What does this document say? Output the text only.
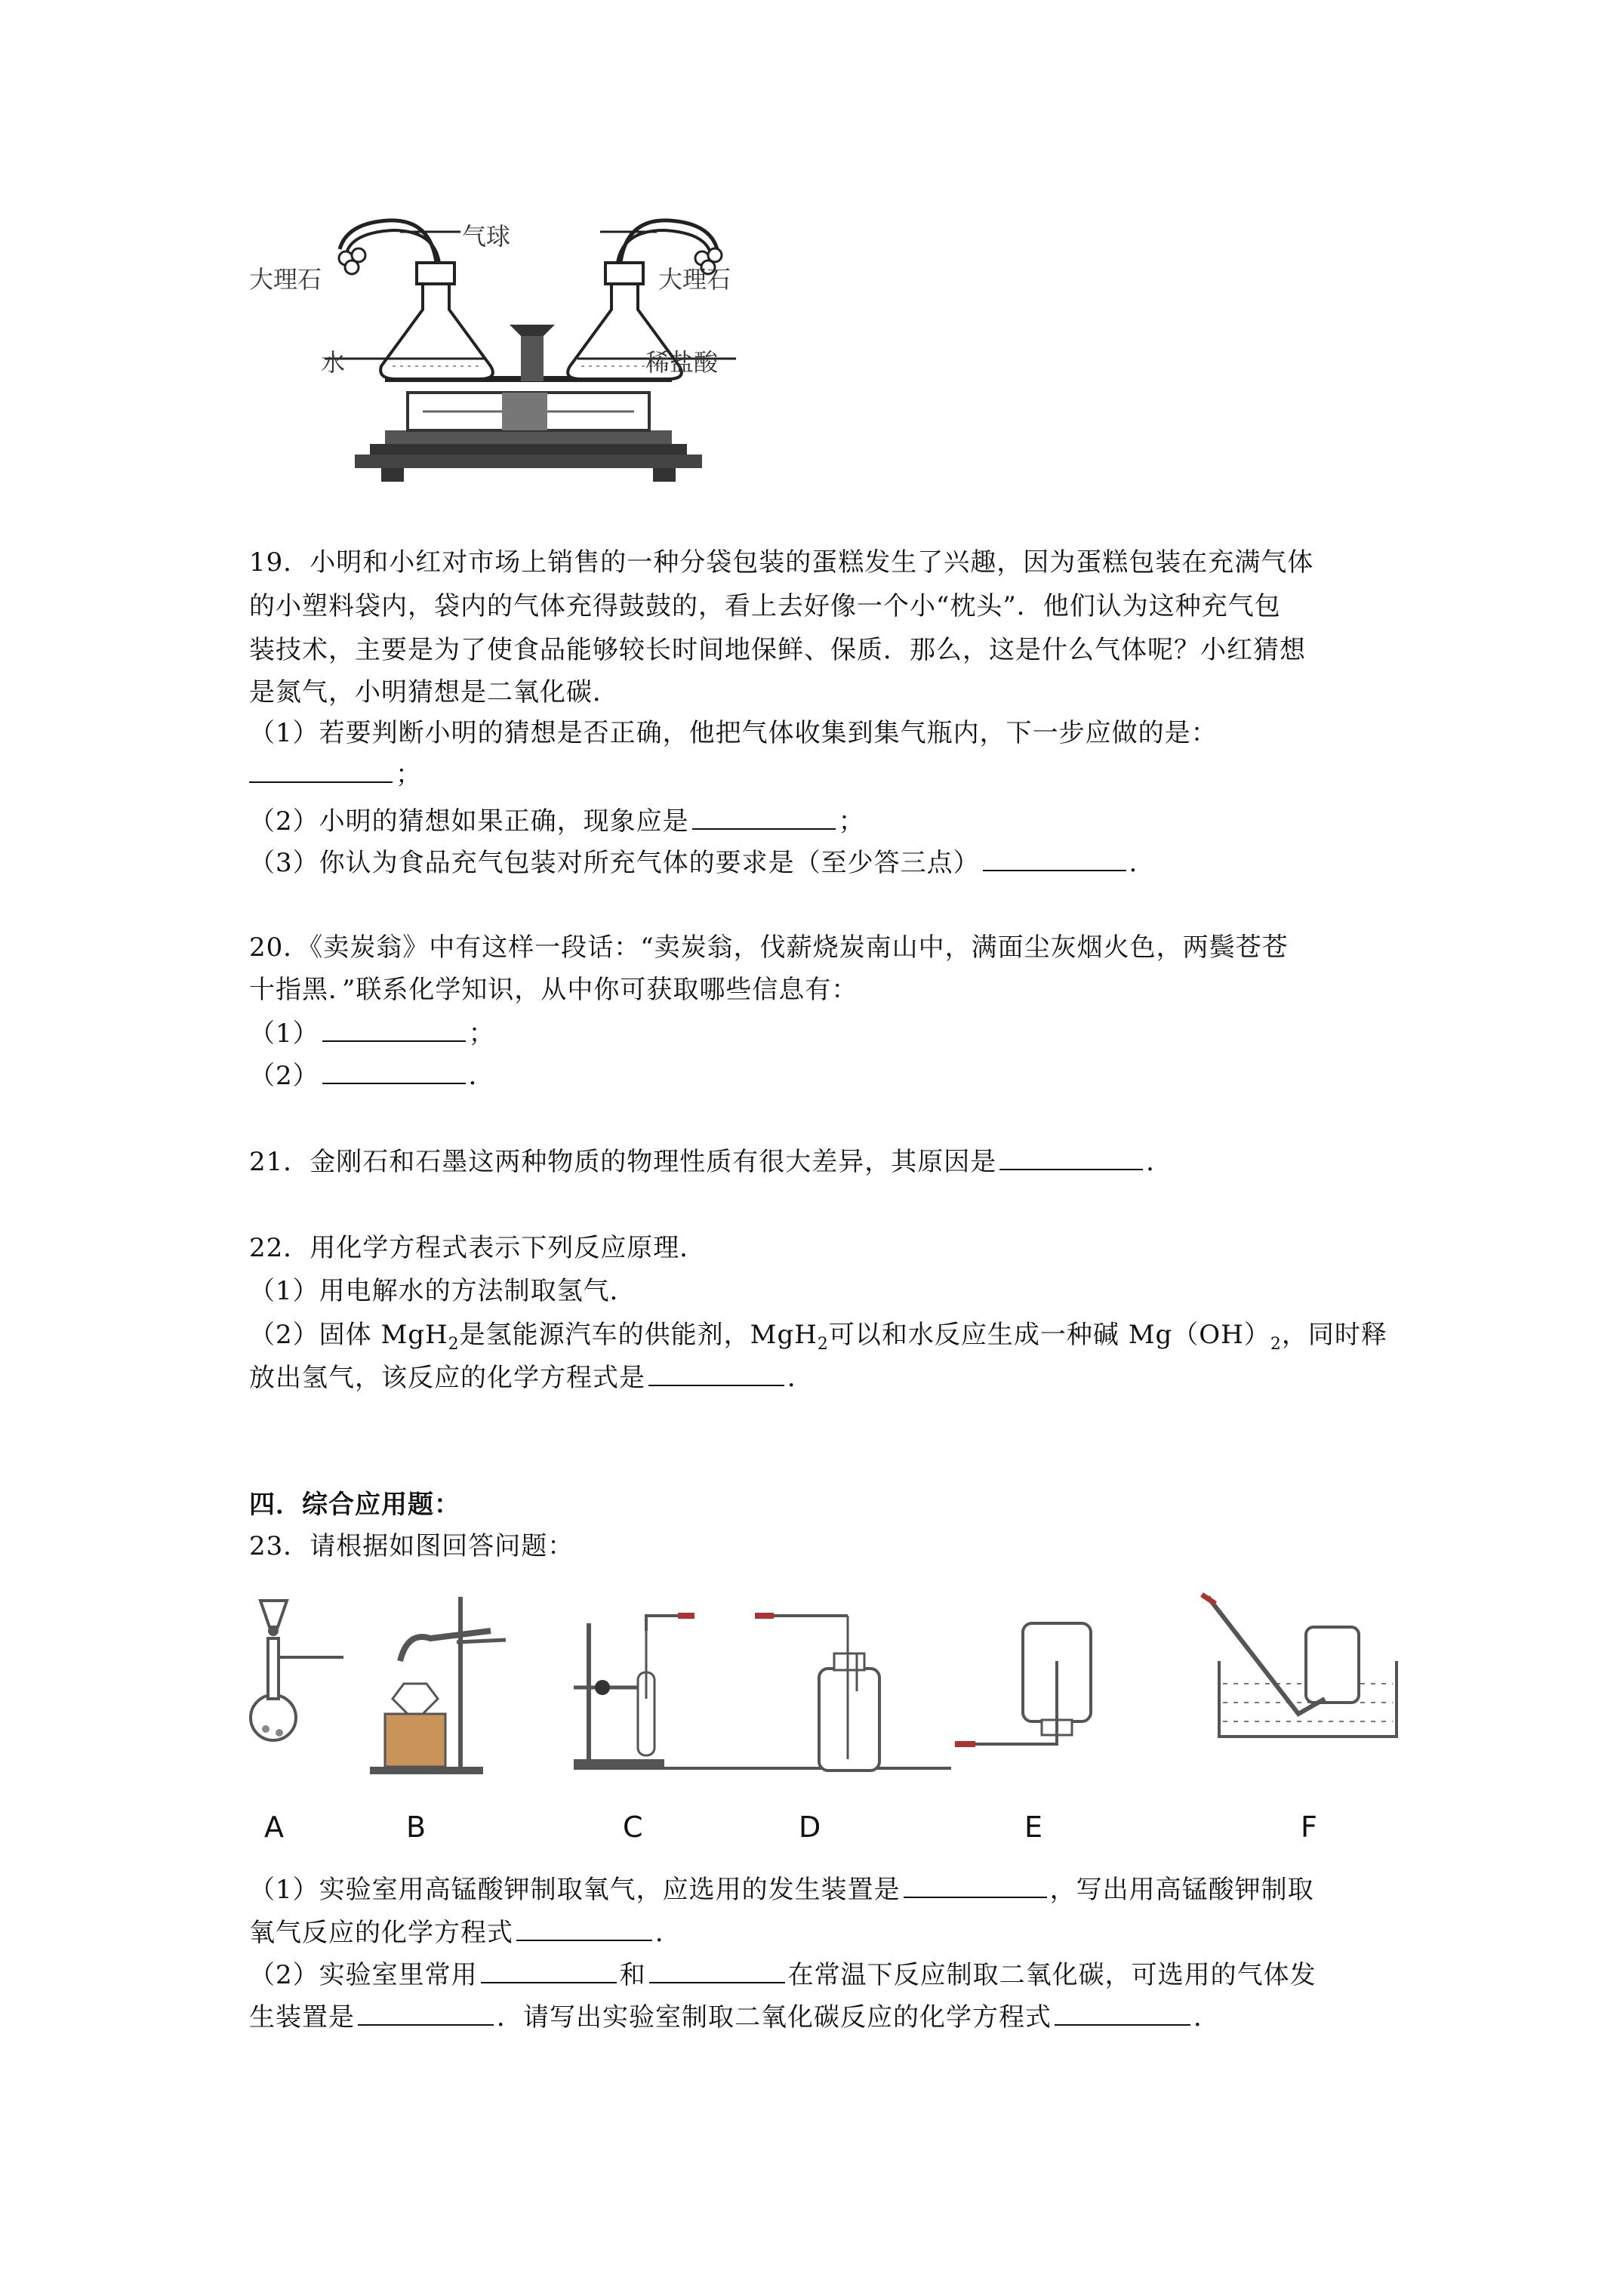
气球
大理石	大理石
水	稀盐酸
19．小明和小红对市场上销售的一种分袋包装的蛋糕发生了兴趣，因为蛋糕包装在充满气体
的小塑料袋内，袋内的气体充得鼓鼓的，看上去好像一个小“枕头”．他们认为这种充气包
装技术，主要是为了使食品能够较长时间地保鲜、保质．那么，这是什么气体呢？小红猜想
是氮气，小明猜想是二氧化碳．
（1）若要判断小明的猜想是否正确，他把气体收集到集气瓶内，下一步应做的是：
；
（2）小明的猜想如果正确，现象应是	；
（3）你认为食品充气包装对所充气体的要求是（至少答三点）	．
20．《卖炭翁》中有这样一段话：“卖炭翁，伐薪烧炭南山中，满面尘灰烟火色，两鬓苍苍
十指黑．”联系化学知识，从中你可获取哪些信息有：
（1）	；
（2）	．
21．金刚石和石墨这两种物质的物理性质有很大差异，其原因是	．
22．用化学方程式表示下列反应原理．
（1）用电解水的方法制取氢气．
（2）固体 MgH$_2$是氢能源汽车的供能剂，MgH$_2$可以和水反应生成一种碱 $Mg(OH)_2$，同时释
放出氢气，该反应的化学方程式是	．
四．综合应用题：
23．请根据如图回答问题：
A	B	C	D	E	F
（1）实验室用高锰酸钾制取氧气，应选用的发生装置是	，写出用高锰酸钾制取
氧气反应的化学方程式	．
（2）实验室里常用	和	在常温下反应制取二氧化碳，可选用的气体发
生装置是	．请写出实验室制取二氧化碳反应的化学方程式	．
